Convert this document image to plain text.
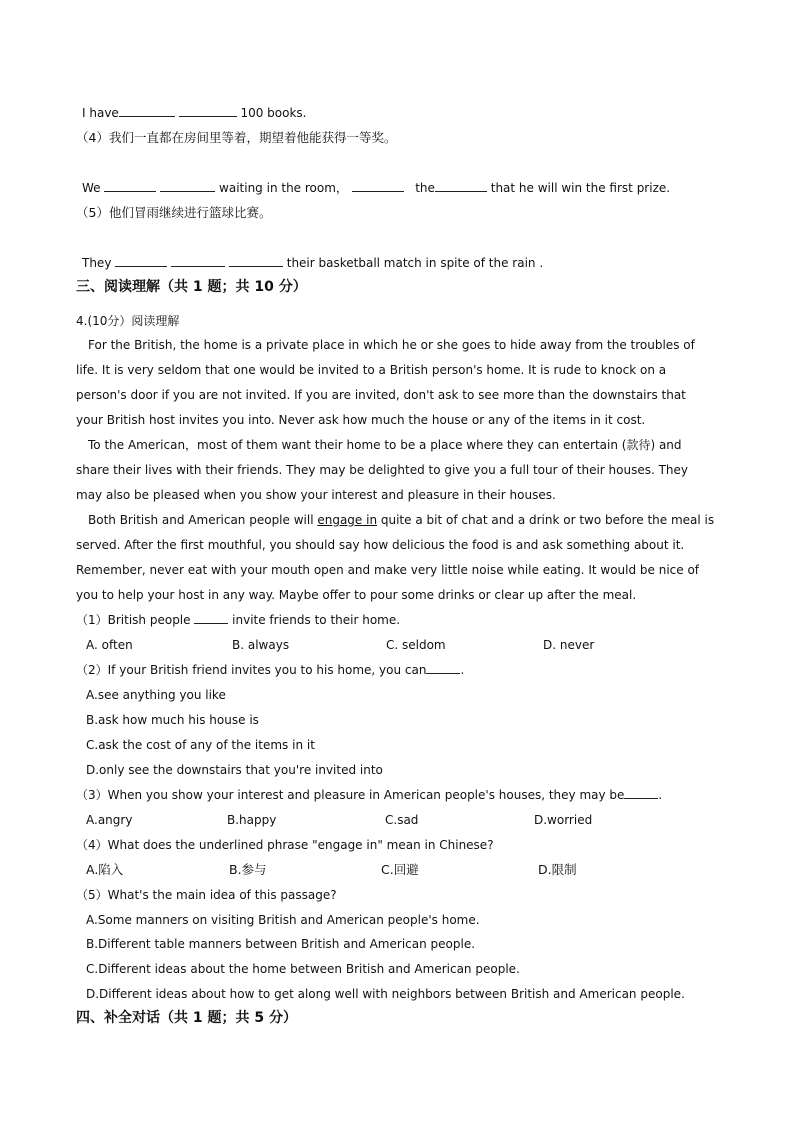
I have	100 books.
（4）我们一直都在房间里等着，期望着他能获得一等奖。
We	waiting in the room，	the	that he will win the first prize.
（5）他们冒雨继续进行篮球比赛。
They	their basketball match in spite of the rain .
三、阅读理解（共 1 题；共 10 分）
4.(10分）阅读理解
For the British, the home is a private place in which he or she goes to hide away from the troubles of life. It is very seldom that one would be invited to a British person's home. It is rude to knock on a person's door if you are not invited. If you are invited, don't ask to see more than the downstairs that your British host invites you into. Never ask how much the house or any of the items in it cost.
To the American，most of them want their home to be a place where they can entertain (款待) and share their lives with their friends. They may be delighted to give you a full tour of their houses. They may also be pleased when you show your interest and pleasure in their houses.
Both British and American people will engage in quite a bit of chat and a drink or two before the meal is served. After the first mouthful, you should say how delicious the food is and ask something about it. Remember, never eat with your mouth open and make very little noise while eating. It would be nice of you to help your host in any way. Maybe offer to pour some drinks or clear up after the meal.
（1）British people	invite friends to their home.
A. often	B. always	C. seldom	D. never
（2）If your British friend invites you to his home, you can	.
A.see anything you like
B.ask how much his house is
C.ask the cost of any of the items in it
D.only see the downstairs that you're invited into
（3）When you show your interest and pleasure in American people's houses, they may be	.
A.angry	B.happy	C.sad	D.worried
（4）What does the underlined phrase "engage in" mean in Chinese?
A.陷入	B.参与	C.回避	D.限制
（5）What's the main idea of this passage?
A.Some manners on visiting British and American people's home.
B.Different table manners between British and American people.
C.Different ideas about the home between British and American people.
D.Different ideas about how to get along well with neighbors between British and American people.
四、补全对话（共 1 题；共 5 分）
